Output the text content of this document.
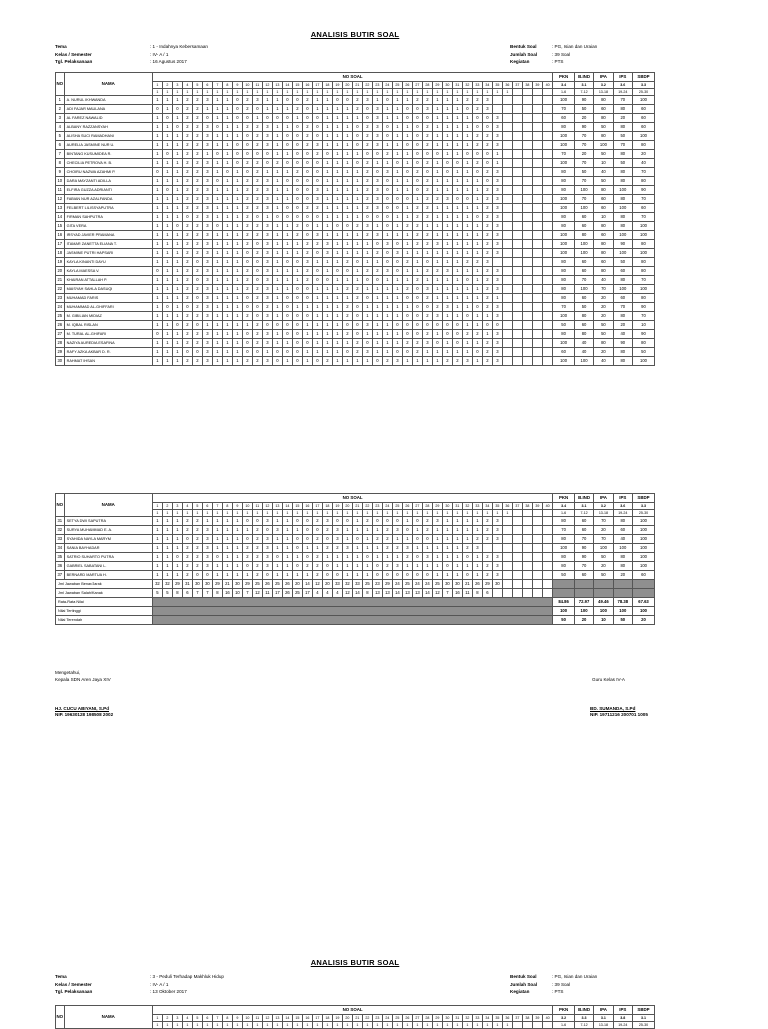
ANALISIS BUTIR SOAL
Tema	: 1 - Indahnya Kebersamaan
Kelas / Semester	: IV- A / 1
Tgl. Pelaksanaan	: 16 Agustus 2017
Bentuk Soal	: PG, Isian dan Uraian
Jumlah Soal	: 39 Soal
Kegiatan	: PTS
NO	NAMA	NO SOAL																																								PKN	B.IND	IPA	IPS	SBDP
		1	2	3	4	5	6	7	8	9	10	11	12	13	14	15	16	17	18	19	20	21	22	23	24	25	26	27	28	29	30	31	32	33	34	35	36	37	38	39	40	3.4	3.1	3.2	3.6	3.3
		1	1	1	1	1	1	1	1	1	1	1	1	1	1	1	1	1	1	1	1	1	1	1	1	1	1	1	1	1	1	1	1	1	1	1	1					1-6	7-12	13-18	19-24	25-30
1	A. NURUL IKHWANDA	1	1	1	2	2	3	1	1	0	2	3	1	1	0	0	2	1	1	0	0	2	3	1	0	1	1	2	2	1	1	1	2	2	3							100	90	80	70	100
2	ADI FAJAR MAULANA	0	1	0	2	2	1	1	1	0	2	0	1	1	1	2	0	1	1	1	1	2	0	3	1	1	0	0	3	1	1	1	0	2	3							70	50	60	80	60
3	AL FAREZ NAWALID	1	0	1	2	2	0	1	1	0	0	1	0	0	0	1	0	0	1	1	1	1	0	3	1	1	0	0	0	1	1	1	1	0	0	3						60	20	80	20	60
4	ALBANY RAZZANSYAH	1	1	0	2	2	3	0	1	1	2	2	3	1	1	0	2	0	1	1	1	0	2	3	0	1	1	0	2	1	1	1	1	0	0	3						80	90	50	80	60
5	ALISHA SUCI RAMADHANI	1	1	1	2	2	3	1	1	1	0	2	3	1	0	0	2	0	1	1	1	0	2	3	0	1	1	0	2	1	1	1	1	2	2	3						100	70	80	50	100
6	AURELIA JASMINE NUR U.	1	1	1	2	2	3	1	1	0	0	2	3	1	0	0	2	3	1	1	1	0	2	3	1	1	0	0	2	1	1	1	1	2	2	3						100	70	100	70	80
7	BINTANG KUSUMIDEA R.	1	0	1	2	2	1	0	1	0	0	0	0	1	1	0	0	2	0	1	1	1	0	0	2	1	1	0	0	0	1	1	0	0	0	1						70	20	50	80	20
8	CHECILIA PETROVA H. B.	1	1	1	2	2	3	1	1	0	2	2	0	2	0	0	0	0	1	1	1	0	2	1	1	0	1	0	2	1	0	0	1	2	0	1						100	70	10	50	40
9	CHOIRU NAZWA AZAHMI P.	0	1	1	2	2	3	1	0	1	0	2	1	1	1	2	0	0	1	1	1	1	2	0	3	1	0	2	0	1	0	1	1	0	2	3						80	50	40	80	70
10	DARA MAYZANTI ADILLA	1	1	1	2	2	3	0	1	1	2	2	3	1	0	0	0	0	1	1	1	1	2	3	0	1	1	0	2	1	1	1	1	1	0	3						80	70	50	80	80
11	ELFIRA GUZZA ADRIANTI	1	0	1	2	2	3	1	1	1	2	2	3	1	1	0	0	3	1	1	1	1	2	3	0	1	1	0	2	1	1	1	1	1	2	3						80	100	80	100	90
12	FABIAN NUR AZALFANDA	1	1	1	2	2	3	1	1	1	2	2	3	1	1	0	0	3	1	1	1	1	2	3	0	0	0	1	2	2	3	0	0	1	2	3						100	70	60	80	70
13	FELBERT LILISSYAPUTRA	1	1	1	2	2	3	1	1	1	2	2	3	1	0	0	2	2	1	1	1	1	2	3	0	0	1	2	2	1	1	1	1	1	2	3						100	100	60	100	60
14	FIRMAN SAHPUTRA	1	1	1	0	2	3	1	1	1	2	0	1	0	0	0	0	0	1	1	1	1	0	0	0	1	1	2	2	1	1	1	1	0	2	3						80	60	10	80	70
15	GITA VERA	1	1	0	2	2	3	0	1	1	2	2	3	1	1	2	0	1	1	0	0	2	3	1	0	1	2	2	1	1	1	1	1	1	2	3						80	60	80	80	100
16	IRSYAD JAVIER PRAMANA	1	1	1	2	2	3	1	1	1	2	2	3	1	1	2	0	3	1	1	1	1	2	3	1	1	1	2	2	1	1	1	1	1	2	3						100	80	60	100	100
17	ITAMAR ZANETTA ELIANA T.	1	1	1	2	2	3	1	1	1	2	0	3	1	1	1	2	2	3	1	1	1	1	0	3	0	1	2	2	3	1	1	1	1	2	3						100	100	80	90	80
18	JASMINE PUTRI HAPSARI	1	1	1	2	2	3	1	1	1	0	2	3	1	1	1	2	0	3	1	1	1	1	2	0	3	1	1	1	1	1	1	1	1	2	3						100	100	80	100	100
19	KAYLA KINANTI DAYU	1	1	1	2	0	3	1	1	1	0	0	3	1	0	0	3	1	1	1	2	0	1	1	0	0	2	1	0	1	1	1	2	2	3							80	60	60	50	80
20	KAYLA MAESSA V.	0	1	1	2	2	3	1	1	1	2	0	3	1	1	1	2	0	1	0	0	1	2	2	3	0	1	1	2	2	3	1	1	1	2	3						80	60	80	60	80
21	KHAIRAN ATTALLAH P.	1	1	1	2	0	3	1	1	1	2	0	3	1	1	1	2	0	0	1	1	1	0	0	1	1	1	2	1	1	1	1	0	1	2	3						80	70	40	80	70
22	MAISYAH SAHLA DASUQI	1	1	1	2	2	3	1	1	1	2	2	3	1	1	0	0	1	1	1	2	2	1	1	1	1	2	0	3	1	1	1	1	1	2	3						80	100	70	100	100
23	MUHAMAD FARIS	1	1	1	2	0	3	1	1	1	0	2	3	1	0	0	0	1	1	1	1	2	0	1	1	1	0	0	2	1	1	1	1	1	2	1						80	60	20	60	80
24	MUHAMMAD AL-GHIFFARI	1	0	1	0	2	3	1	1	1	0	0	2	1	0	1	1	1	1	1	2	0	1	1	1	1	1	0	0	2	3	1	1	0	2	3						70	50	20	70	90
25	M. GIBILIAN MIDIAZ	1	1	1	2	2	3	1	1	1	2	0	3	1	0	0	0	1	1	1	2	0	1	1	1	1	0	0	2	3	1	1	0	1	1	3						100	80	20	80	70
26	M. IQBAL RISLAN	1	1	0	2	0	1	1	1	1	1	2	0	0	0	0	1	1	1	1	0	0	3	1	1	0	0	0	0	0	0	0	1	1	0	0						50	60	50	20	10
27	M. TURAL AL-GHIFARI	0	1	1	2	2	3	1	1	1	0	2	3	1	0	0	1	1	1	1	2	0	1	1	1	1	0	0	2	1	0	0	2	2	1	3						80	80	50	40	90
28	NAZIYA AUREDIA ESAFINA	1	1	1	2	2	3	1	1	1	0	2	3	1	1	0	0	1	1	1	1	2	0	1	1	1	2	2	3	0	1	0	1	1	2	3						100	40	80	90	80
29	RAFY AZKA AKBAR D. R.	1	1	1	0	0	3	1	1	1	0	0	1	0	0	0	1	1	1	1	0	2	3	1	1	0	0	2	1	1	1	1	1	0	2	3						60	40	20	80	50
30	RAHMAT IHSAN	1	1	1	2	2	3	1	1	1	2	2	3	0	1	0	1	0	2	1	1	1	1	0	2	3	1	1	1	1	2	2	3	1	2	3						100	100	40	80	100
NO	NAMA	NO SOAL																																								PKN	B.IND	IPA	IPS	SBDP
		1	2	3	4	5	6	7	8	9	10	11	12	13	14	15	16	17	18	19	20	21	22	23	24	25	26	27	28	29	30	31	32	33	34	35	36	37	38	39	40	3.4	3.1	3.2	3.6	3.3
		1	1	1	1	1	1	1	1	1	1	1	1	1	1	1	1	1	1	1	1	1	1	1	1	1	1	1	1	1	1	1	1	1	1	1	1					1-6	7-12	13-18	19-24	25-30
31	SETYA DWI SAPUTRA	1	1	1	2	2	1	1	1	1	0	0	3	1	1	0	0	2	3	0	0	1	2	0	0	0	1	0	2	3	1	1	1	1	2	3						80	60	70	80	100
32	SURYA MUHAMMAD E. A.	1	1	1	2	2	3	1	1	1	1	2	0	3	1	1	0	0	2	3	1	1	1	1	2	3	0	1	2	1	1	1	1	1	2	3						70	60	20	60	100
33	SYAHIDA NAYLA MARYM	1	1	1	0	2	3	1	1	1	0	2	3	1	1	0	0	2	0	3	1	0	1	2	2	1	1	0	0	1	1	1	1	2	2	3						80	70	70	40	100
34	SANIA BAYHADAR	1	1	1	2	2	3	1	1	1	2	2	3	1	1	0	1	1	2	2	3	1	1	1	2	2	3	1	1	1	1	1	2	3								100	90	100	100	100
35	SATRIO SUHARTO PUTRA	1	1	0	2	2	3	0	1	1	2	2	3	0	1	1	0	2	1	1	1	1	0	1	1	1	2	0	3	1	1	1	0	1	2	3						80	90	50	80	100
36	GABRIEL SABATANI L.	1	1	1	2	2	3	1	1	1	0	2	3	1	1	0	2	2	0	1	1	1	1	0	2	3	1	1	1	1	0	1	1	1	2	3						80	70	20	80	100
37	BERNARD MARTUA H.	1	1	1	2	0	0	1	1	1	1	2	0	1	1	1	1	2	0	0	1	1	1	0	0	0	0	0	0	1	1	1	0	1	2	3						50	60	50	20	60
Jml Jawaban Benar/Jarak		32	32	29	31	30	30	29	21	30	29	25	26	25	26	20	14	12	20	33	32	33	25	23	29	24	25	24	24	25	30	30	21	26	29	30										
Jml Jawaban Salah/Kanak		5	5	8	6	7	7	8	16	10	7	12	11	17	26	25	17	4	4	4	12	14	8	13	13	14	13	13	14	12	7	16	11	8	6											
Rata-Rata Nilai																																										84.86	72.97	49.46	78.38	67.63
Nilai Tertinggi																																										100	100	100	100	100
Nilai Terendah																																										50	20	10	50	20
Mengetahui,
Kepala SDN Aren Jaya XIV	Guru Kelas IV-A
HJ. CUCU ABIYANI, S.Pd
NIP. 19630128 198508 2002
BD. SUMANDA, S.Pd
NIP. 19711216 200701 1005
ANALISIS BUTIR SOAL
Tema	: 3 - Peduli Terhadap Makhluk Hidup
Kelas / Semester	: IV- A / 1
Tgl. Pelaksanaan	: 13 Oktober 2017
Bentuk Soal	: PG, Isian dan Uraian
Jumlah Soal	: 39 Soal
Kegiatan	: PTS
NO	NAMA	NO SOAL																																								PKN	B.IND	IPA	IPS	SBDP
		1	2	3	4	5	6	7	8	9	10	11	12	13	14	15	16	17	18	19	20	21	22	23	24	25	26	27	28	29	30	31	32	33	34	35	36	37	38	39	40	3.2	3.3	3.1	3.8	3.1
		1	1	1	1	1	1	1	1	1	1	1	1	1	1	1	1	1	1	1	1	1	1	1	1	1	1	1	1	1	1	1	1	1	1	1	1					1-6	7-12	13-18	19-24	25-30
